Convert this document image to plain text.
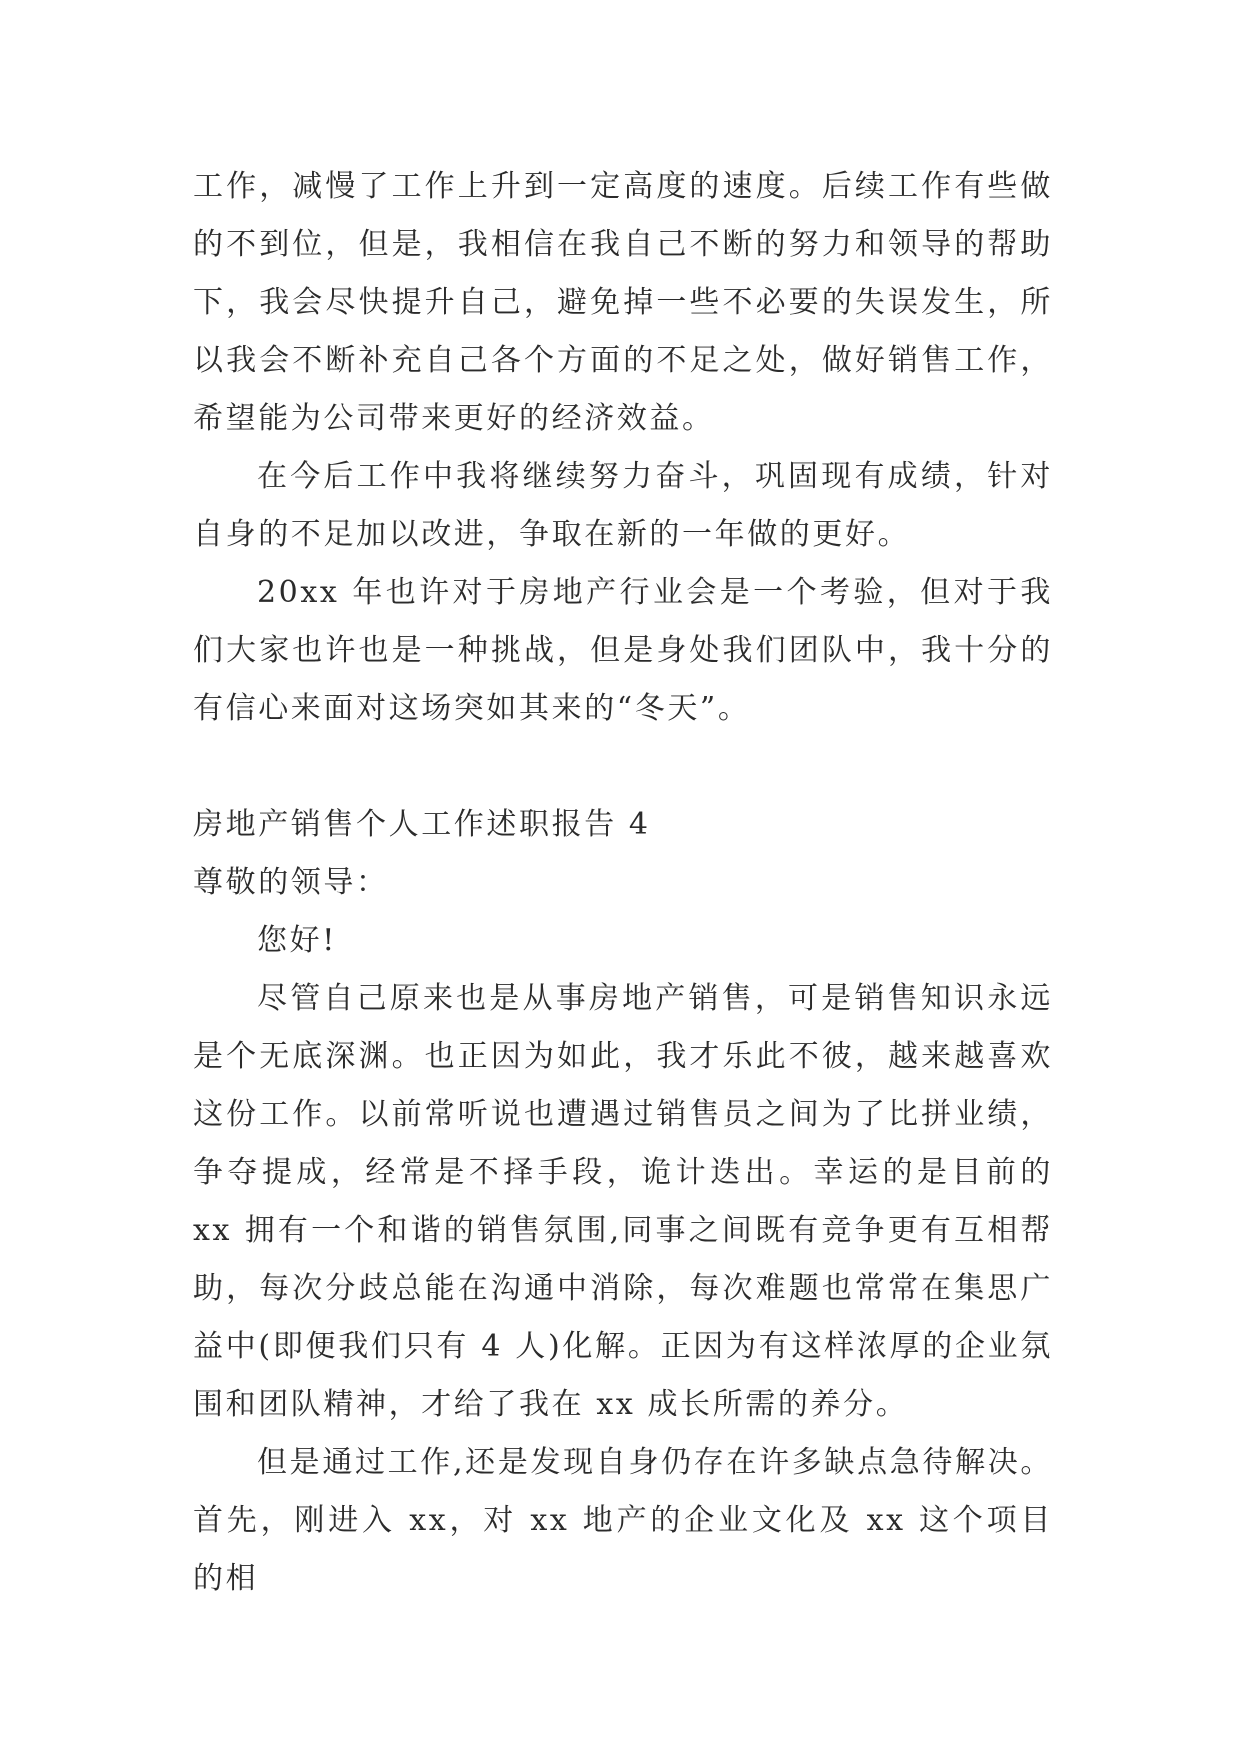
工作，减慢了工作上升到一定高度的速度。后续工作有些做的不到位，但是，我相信在我自己不断的努力和领导的帮助下，我会尽快提升自己，避免掉一些不必要的失误发生，所以我会不断补充自己各个方面的不足之处，做好销售工作，希望能为公司带来更好的经济效益。

在今后工作中我将继续努力奋斗，巩固现有成绩，针对自身的不足加以改进，争取在新的一年做的更好。

20xx 年也许对于房地产行业会是一个考验，但对于我们大家也许也是一种挑战，但是身处我们团队中，我十分的有信心来面对这场突如其来的“冬天”。

房地产销售个人工作述职报告 4

尊敬的领导：

您好!

尽管自己原来也是从事房地产销售，可是销售知识永远是个无底深渊。也正因为如此，我才乐此不彼，越来越喜欢这份工作。以前常听说也遭遇过销售员之间为了比拼业绩，争夺提成，经常是不择手段，诡计迭出。幸运的是目前的 xx 拥有一个和谐的销售氛围,同事之间既有竞争更有互相帮助，每次分歧总能在沟通中消除，每次难题也常常在集思广益中(即便我们只有 4 人)化解。正因为有这样浓厚的企业氛围和团队精神，才给了我在 xx 成长所需的养分。

但是通过工作,还是发现自身仍存在许多缺点急待解决。首先，刚进入 xx，对 xx 地产的企业文化及 xx 这个项目的相
